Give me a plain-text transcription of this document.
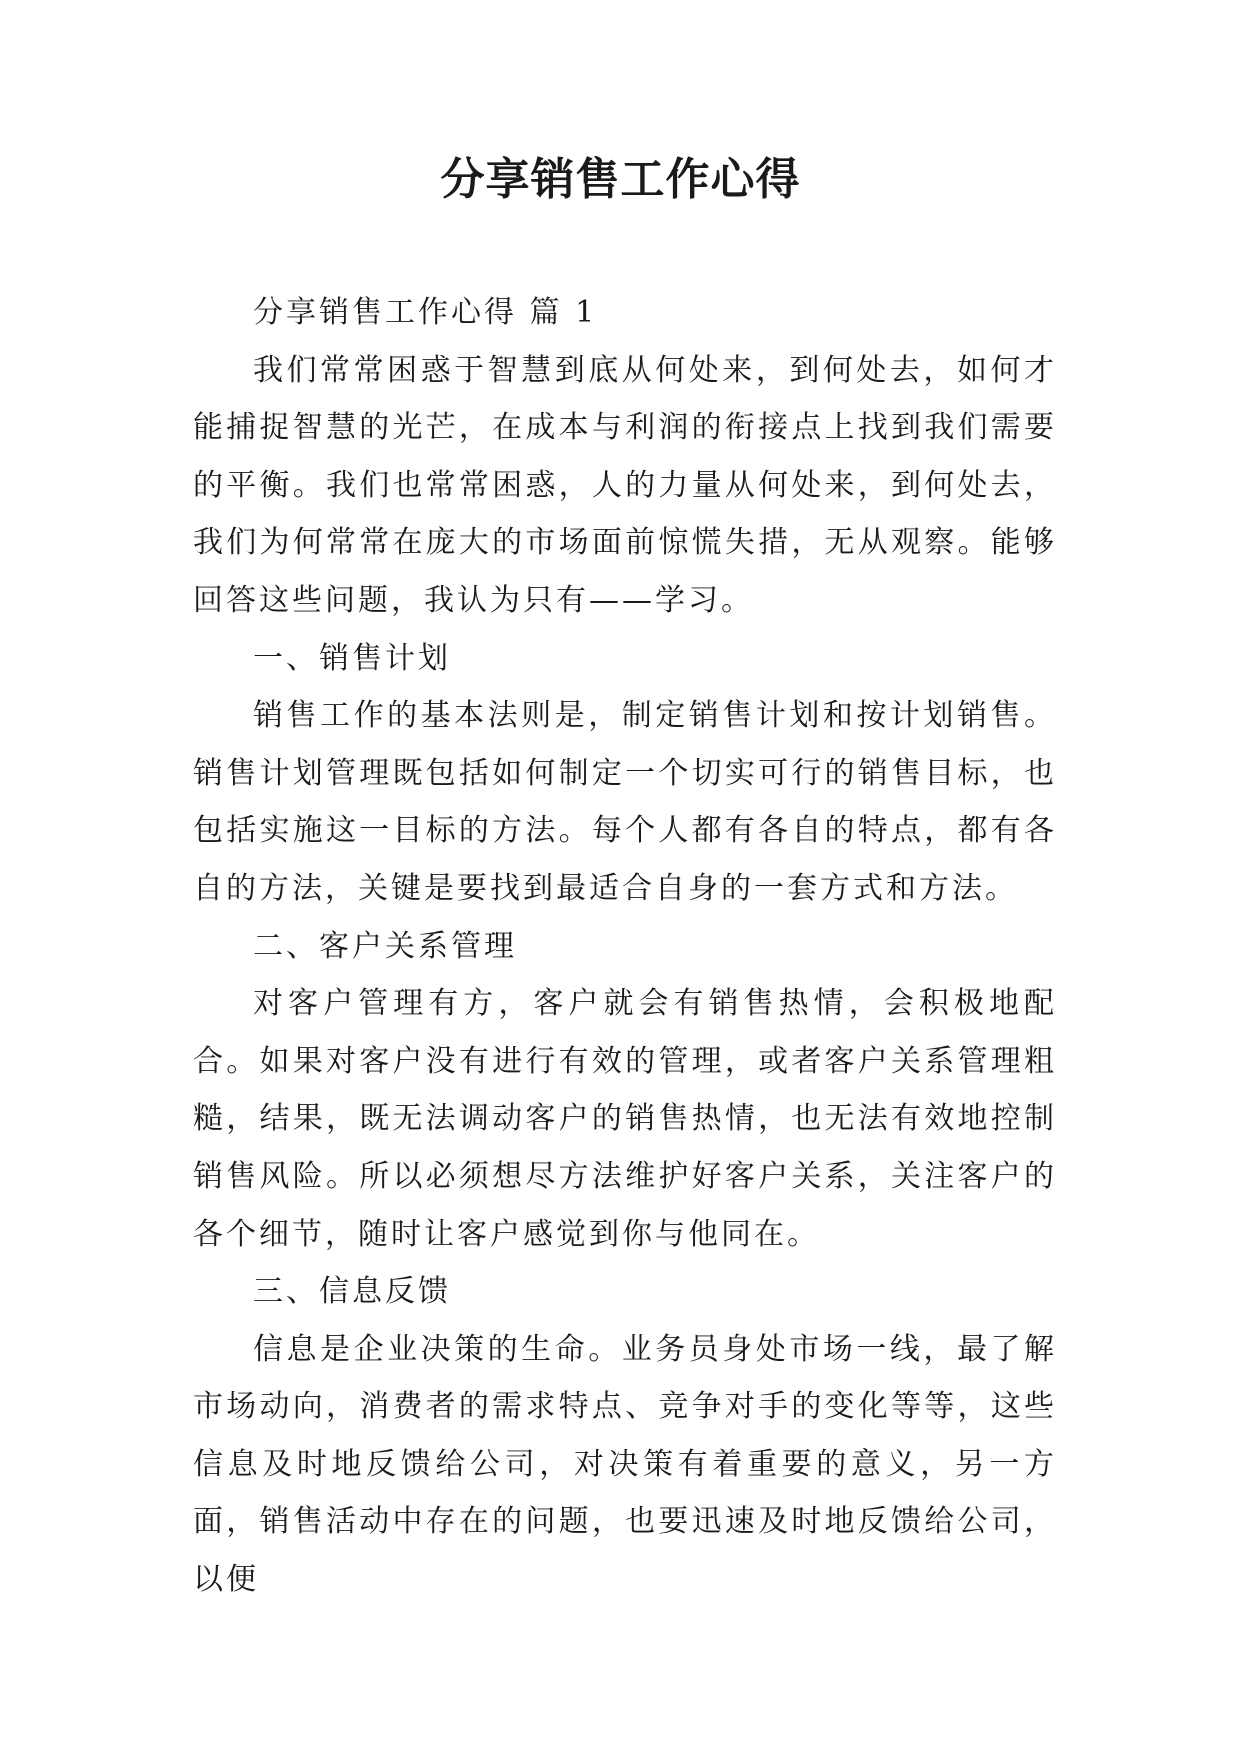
分享销售工作心得

分享销售工作心得 篇 1

我们常常困惑于智慧到底从何处来，到何处去，如何才能捕捉智慧的光芒，在成本与利润的衔接点上找到我们需要的平衡。我们也常常困惑，人的力量从何处来，到何处去，我们为何常常在庞大的市场面前惊慌失措，无从观察。能够回答这些问题，我认为只有——学习。

一、销售计划

销售工作的基本法则是，制定销售计划和按计划销售。销售计划管理既包括如何制定一个切实可行的销售目标，也包括实施这一目标的方法。每个人都有各自的特点，都有各自的方法，关键是要找到最适合自身的一套方式和方法。

二、客户关系管理

对客户管理有方，客户就会有销售热情，会积极地配合。如果对客户没有进行有效的管理，或者客户关系管理粗糙，结果，既无法调动客户的销售热情，也无法有效地控制销售风险。所以必须想尽方法维护好客户关系，关注客户的各个细节，随时让客户感觉到你与他同在。

三、信息反馈

信息是企业决策的生命。业务员身处市场一线，最了解市场动向，消费者的需求特点、竞争对手的变化等等，这些信息及时地反馈给公司，对决策有着重要的意义，另一方面，销售活动中存在的问题，也要迅速及时地反馈给公司，以便
